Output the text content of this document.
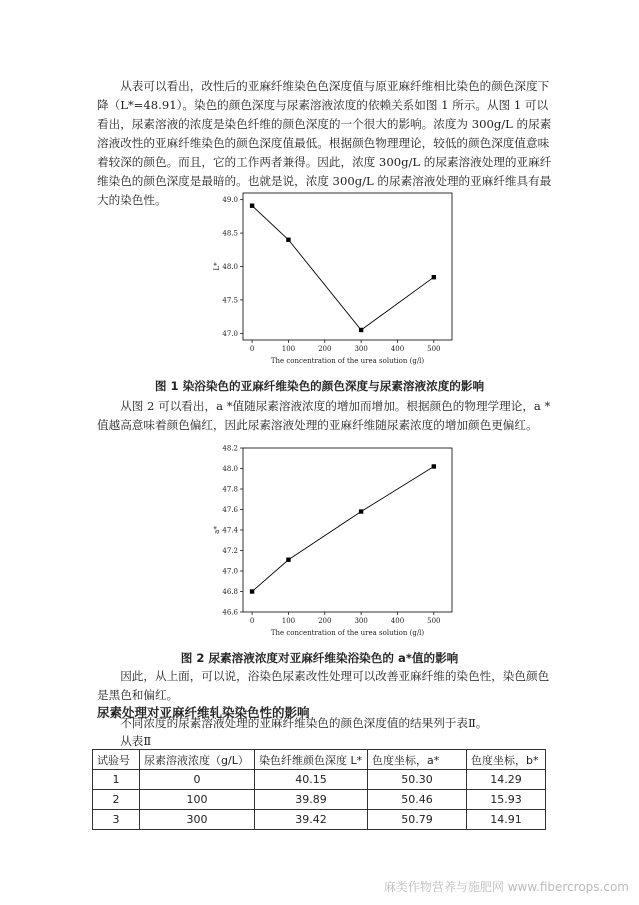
从表可以看出，改性后的亚麻纤维染色色深度值与原亚麻纤维相比染色的颜色深度下降（L*=48.91）。染色的颜色深度与尿素溶液浓度的依赖关系如图 1 所示。从图 1 可以看出，尿素溶液的浓度是染色纤维的颜色深度的一个很大的影响。浓度为 300g/L 的尿素溶液改性的亚麻纤维染色的颜色深度值最低。根据颜色物理理论，较低的颜色深度值意味着较深的颜色。而且，它的工作两者兼得。因此，浓度 300g/L 的尿素溶液处理的亚麻纤维染色的颜色深度是最暗的。也就是说，浓度 300g/L 的尿素溶液处理的亚麻纤维具有最大的染色性。

0	100	200	300	400	500
47.0
47.5
48.0
48.5
49.0
The concentration of the urea solution (g/l)
L*

图 1 染浴染色的亚麻纤维染色的颜色深度与尿素溶液浓度的影响

从图 2 可以看出，a *值随尿素溶液浓度的增加而增加。根据颜色的物理学理论，a *值越高意味着颜色偏红，因此尿素溶液处理的亚麻纤维随尿素浓度的增加颜色更偏红。

0	100	200	300	400	500
46.6
46.8
47.0
47.2
47.4
47.6
47.8
48.0
48.2
The concentration of the urea solution (g/l)
a*

图 2 尿素溶液浓度对亚麻纤维染浴染色的 a*值的影响

因此，从上面，可以说，浴染色尿素改性处理可以改善亚麻纤维的染色性，染色颜色是黑色和偏红。

尿素处理对亚麻纤维轧染染色性的影响

不同浓度的尿素溶液处理的亚麻纤维染色的颜色深度值的结果列于表Ⅱ。

从表Ⅱ

试验号	尿素溶液浓度（g/L）	染色纤维颜色深度 L*	色度坐标，a*	色度坐标，b*
1	0	40.15	50.30	14.29
2	100	39.89	50.46	15.93
3	300	39.42	50.79	14.91
麻类作物营养与施肥网 www.fibercrops.com
